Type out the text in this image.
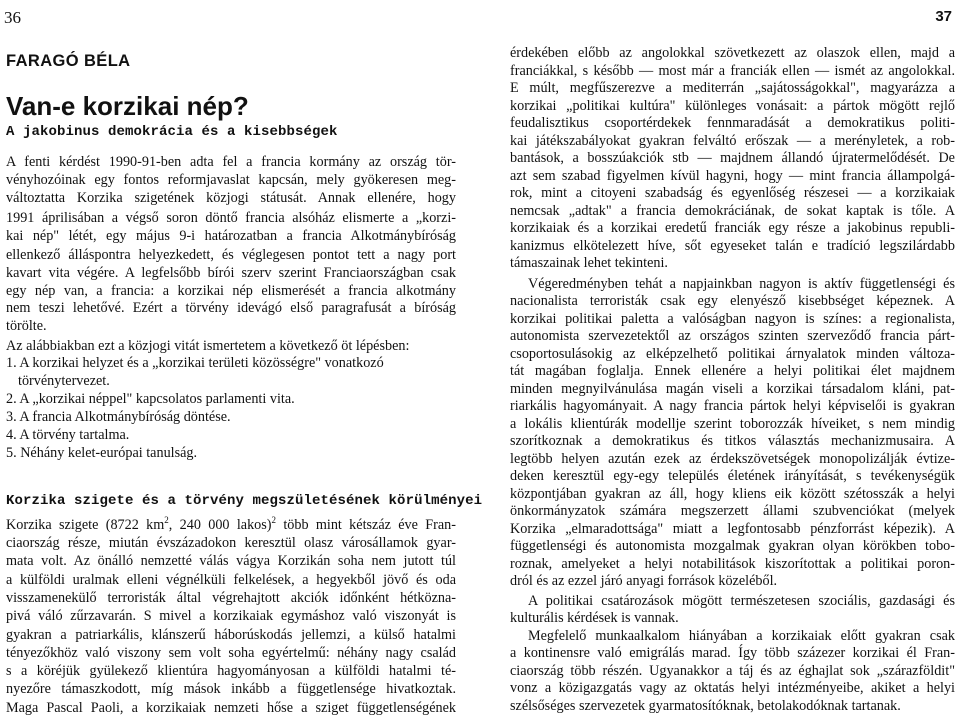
36	37
FARAGÓ BÉLA
Van-e korzikai nép?
A jakobinus demokrácia és a kisebbségek
A fenti kérdést 1990-91-ben adta fel a francia kormány az ország tör-
vényhozóinak egy fontos reformjavaslat kapcsán, mely gyökeresen meg-
változtatta Korzika szigetének közjogi státusát. Annak ellenére, hogy
1991 áprilisában a végső soron döntő francia alsóház elismerte a „korzi-
kai nép" létét, egy május 9-i határozatban a francia Alkotmánybíróság
ellenkező álláspontra helyezkedett, és véglegesen pontot tett a nagy port
kavart vita végére. A legfelsőbb bírói szerv szerint Franciaországban csak
egy nép van, a francia: a korzikai nép elismerését a francia alkotmány
nem teszi lehetővé. Ezért a törvény idevágó első paragrafusát a bíróság
törölte.
Az alábbiakban ezt a közjogi vitát ismertetem a következő öt lépésben:
1. A korzikai helyzet és a „korzikai területi közösségre" vonatkozó
törvénytervezet.
2. A „korzikai néppel" kapcsolatos parlamenti vita.
3. A francia Alkotmánybíróság döntése.
4. A törvény tartalma.
5. Néhány kelet-európai tanulság.
Korzika szigete és a törvény megszületésének körülményei
Korzika szigete (8722 $km^2$, 240 000 lakos)$^2$ több mint kétszáz éve Fran-
ciaország része, miután évszázadokon keresztül olasz városállamok gyar-
mata volt. Az önálló nemzetté válás vágya Korzikán soha nem jutott túl
a külföldi uralmak elleni végnélküli felkelések, a hegyekből jövő és oda
visszamenekülő terroristák által végrehajtott akciók időnként hétközna-
pivá váló zűrzavarán. S mivel a korzikaiak egymáshoz való viszonyát is
gyakran a patriarkális, klánszerű háborúskodás jellemzi, a külső hatalmi
tényezőkhöz való viszony sem volt soha egyértelmű: néhány nagy család
s a köréjük gyülekező klientúra hagyományosan a külföldi hatalmi té-
nyezőre támaszkodott, míg mások inkább a függetlensége hivatkoztak.
Maga Pascal Paoli, a korzikaiak nemzeti hőse a sziget függetlenségének
érdekében előbb az angolokkal szövetkezett az olaszok ellen, majd a
franciákkal, s később — most már a franciák ellen — ismét az angolokkal.
E múlt, megfűszerezve a mediterrán „sajátosságokkal", magyarázza a
korzikai „politikai kultúra" különleges vonásait: a pártok mögött rejlő
feudalisztikus csoportérdekek fennmaradását a demokratikus politi-
kai játékszabályokat gyakran felváltó erőszak — a merényletek, a rob-
bantások, a bosszúakciók stb — majdnem állandó újratermelődését. De
azt sem szabad figyelmen kívül hagyni, hogy — mint francia állampolgá-
rok, mint a citoyeni szabadság és egyenlőség részesei — a korzikaiak
nemcsak „adtak" a francia demokráciának, de sokat kaptak is tőle. A
korzikaiak és a korzikai eredetű franciák egy része a jakobinus republi-
kanizmus elkötelezett híve, sőt egyeseket talán e tradíció legszilárdabb
támaszainak lehet tekinteni.
Végeredményben tehát a napjainkban nagyon is aktív függetlenségi és
nacionalista terroristák csak egy elenyésző kisebbséget képeznek. A
korzikai politikai paletta a valóságban nagyon is színes: a regionalista,
autonomista szervezetektől az országos szinten szerveződő francia párt-
csoportosulásokig az elképzelhető politikai árnyalatok minden változa-
tát magában foglalja. Ennek ellenére a helyi politikai élet majdnem
minden megnyilvánulása magán viseli a korzikai társadalom kláni, pat-
riarkális hagyományait. A nagy francia pártok helyi képviselői is gyakran
a lokális klientúrák modellje szerint toborozzák híveiket, s nem mindig
szorítkoznak a demokratikus és titkos választás mechanizmusaira. A
legtöbb helyen azután ezek az érdekszövetségek monopolizálják évtize-
deken keresztül egy-egy település életének irányítását, s tevékenységük
központjában gyakran az áll, hogy kliens eik között szétosszák a helyi
önkormányzatok számára megszerzett állami szubvenciókat (melyek
Korzika „elmaradottsága" miatt a legfontosabb pénzforrást képezik). A
függetlenségi és autonomista mozgalmak gyakran olyan körökben tobo-
roznak, amelyeket a helyi notabilitások kiszorítottak a politikai poron-
dról és az ezzel járó anyagi források közeléből.
A politikai csatározások mögött természetesen szociális, gazdasági és
kulturális kérdések is vannak.
Megfelelő munkaalkalom hiányában a korzikaiak előtt gyakran csak
a kontinensre való emigrálás marad. Így több százezer korzikai él Fran-
ciaország több részén. Ugyanakkor a táj és az éghajlat sok „szárazföldit"
vonz a közigazgatás vagy az oktatás helyi intézményeibe, akiket a helyi
szélsőséges szervezetek gyarmatosítóknak, betolakodóknak tartanak.
